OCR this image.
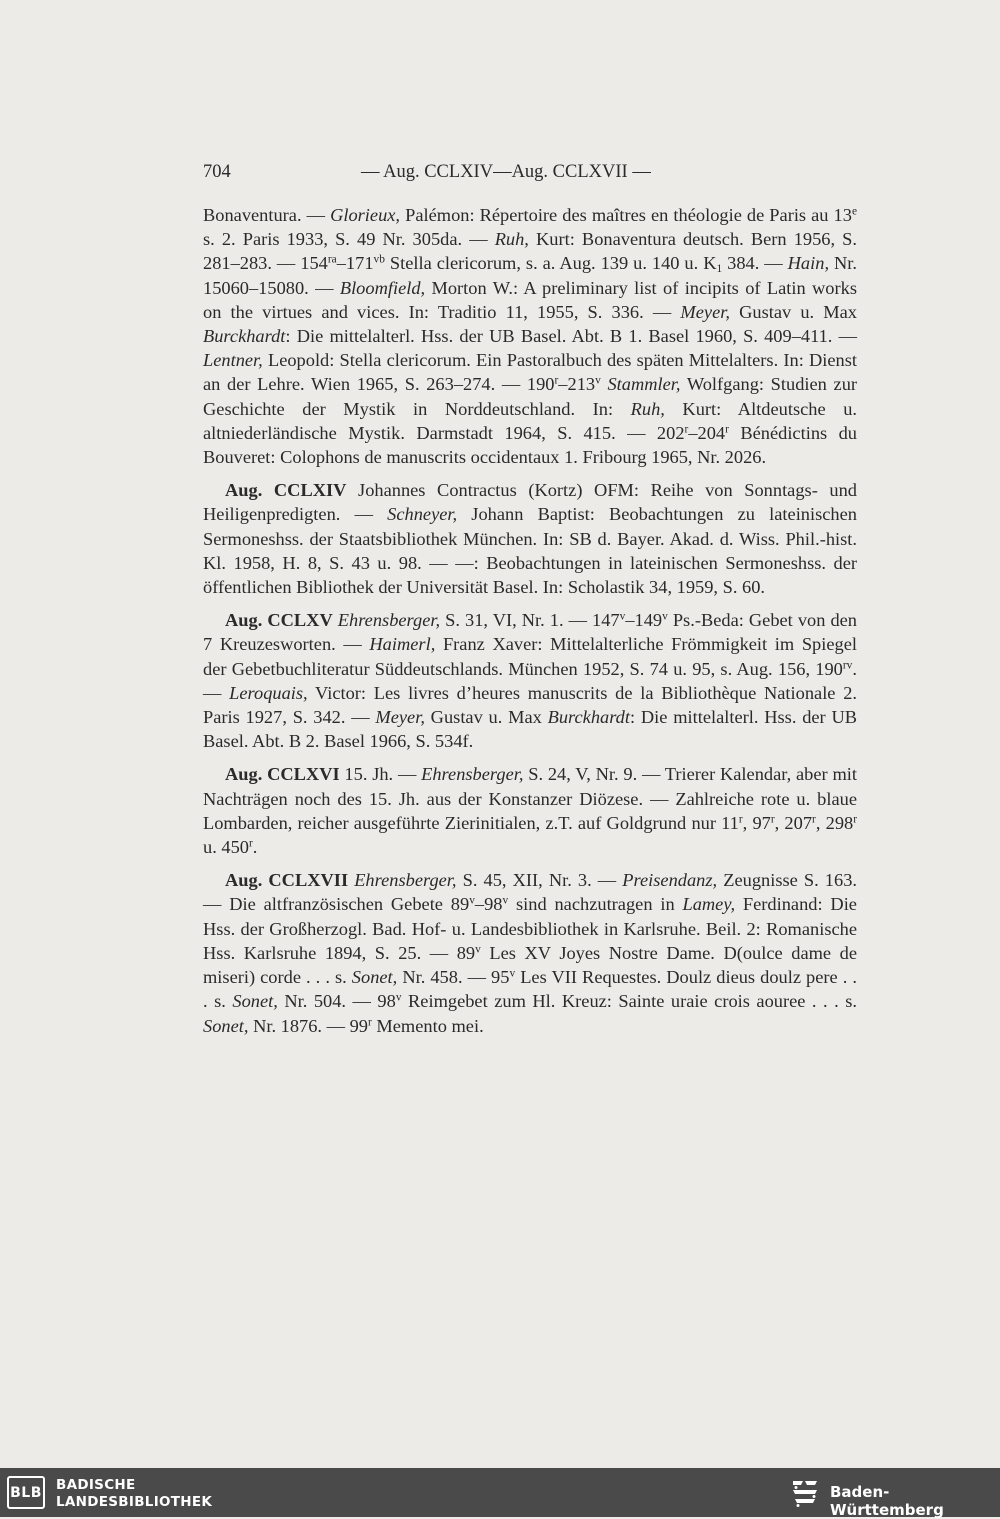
704	— Aug. CCLXIV—Aug. CCLXVII —

Bonaventura. — Glorieux, Palémon: Répertoire des maîtres en théologie de Paris au 13e s. 2. Paris 1933, S. 49 Nr. 305da. — Ruh, Kurt: Bonaventura deutsch. Bern 1956, S. 281–283. — $154^{ra}-171^{vb}$ Stella clericorum, s. a. Aug. 139 u. 140 u. $K_1$ 384. — Hain, Nr. 15060–15080. — Bloomfield, Morton W.: A preliminary list of incipits of Latin works on the virtues and vices. In: Traditio 11, 1955, S. 336. — Meyer, Gustav u. Max Burckhardt: Die mittelalterl. Hss. der UB Basel. Abt. B 1. Basel 1960, S. 409–411. — Lentner, Leopold: Stella clericorum. Ein Pastoralbuch des späten Mittelalters. In: Dienst an der Lehre. Wien 1965, S. 263–274. — 190$^r$–213$^v$ Stammler, Wolfgang: Studien zur Geschichte der Mystik in Norddeutschland. In: Ruh, Kurt: Altdeutsche u. altniederländische Mystik. Darmstadt 1964, S. 415. — 202$^r$–204$^r$ Bénédictins du Bouveret: Colophons de manuscrits occidentaux 1. Fribourg 1965, Nr. 2026.

Aug. CCLXIV Johannes Contractus (Kortz) OFM: Reihe von Sonntags- und Heiligenpredigten. — Schneyer, Johann Baptist: Beobachtungen zu lateinischen Sermoneshss. der Staatsbibliothek München. In: SB d. Bayer. Akad. d. Wiss. Phil.-hist. Kl. 1958, H. 8, S. 43 u. 98. — —: Beobachtungen in lateinischen Sermoneshss. der öffentlichen Bibliothek der Universität Basel. In: Scholastik 34, 1959, S. 60.

Aug. CCLXV Ehrensberger, S. 31, VI, Nr. 1. — 147$^v$–149$^v$ Ps.-Beda: Gebet von den 7 Kreuzesworten. — Haimerl, Franz Xaver: Mittelalterliche Frömmigkeit im Spiegel der Gebetbuchliteratur Süddeutschlands. München 1952, S. 74 u. 95, s. Aug. 156, $190^{rv}$. — Leroquais, Victor: Les livres d’heures manuscrits de la Bibliothèque Nationale 2. Paris 1927, S. 342. — Meyer, Gustav u. Max Burckhardt: Die mittelalterl. Hss. der UB Basel. Abt. B 2. Basel 1966, S. 534f.

Aug. CCLXVI 15. Jh. — Ehrensberger, S. 24, V, Nr. 9. — Trierer Kalendar, aber mit Nachträgen noch des 15. Jh. aus der Konstanzer Diözese. — Zahlreiche rote u. blaue Lombarden, reicher ausgeführte Zierinitialen, z.T. auf Goldgrund nur 11$^r$, 97$^r$, 207$^r$, 298$^r$ u. 450$^r$.

Aug. CCLXVII Ehrensberger, S. 45, XII, Nr. 3. — Preisendanz, Zeugnisse S. 163. — Die altfranzösischen Gebete 89$^v$–98$^v$ sind nachzutragen in Lamey, Ferdinand: Die Hss. der Großherzogl. Bad. Hof- u. Landesbibliothek in Karlsruhe. Beil. 2: Romanische Hss. Karlsruhe 1894, S. 25. — 89$^v$ Les XV Joyes Nostre Dame. D(oulce dame de miseri) corde . . . s. Sonet, Nr. 458. — 95$^v$ Les VII Requestes. Doulz dieus doulz pere . . . s. Sonet, Nr. 504. — 98$^v$ Reimgebet zum Hl. Kreuz: Sainte uraie crois aouree . . . s. Sonet, Nr. 1876. — 99$^r$ Memento mei.

BLB BADISCHE
LANDESBIBLIOTHEK
Baden-Württemberg
